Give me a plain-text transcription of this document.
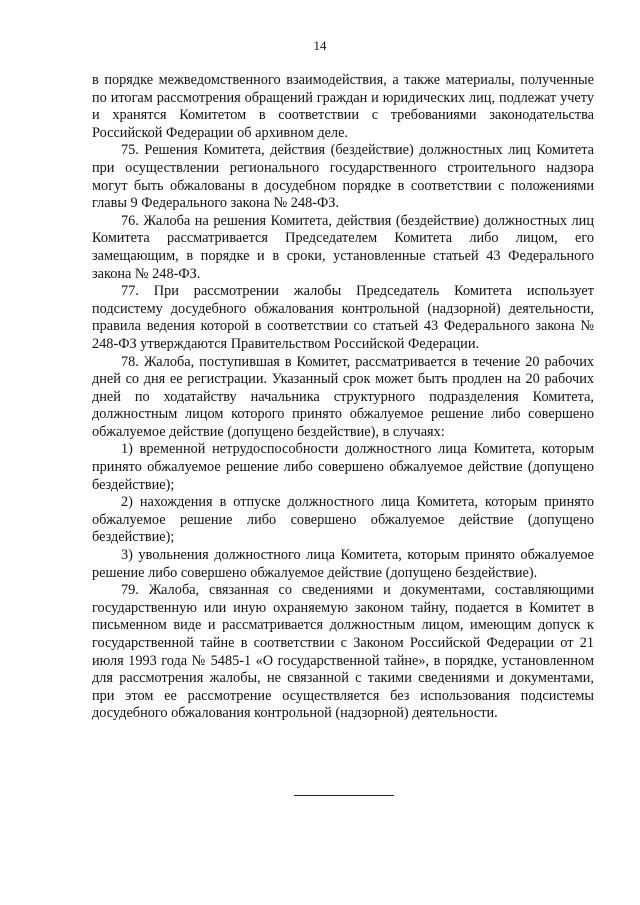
14

в порядке межведомственного взаимодействия, а также материалы, полученные по итогам рассмотрения обращений граждан и юридических лиц, подлежат учету и хранятся Комитетом в соответствии с требованиями законодательства Российской Федерации об архивном деле.

75. Решения Комитета, действия (бездействие) должностных лиц Комитета при осуществлении регионального государственного строительного надзора могут быть обжалованы в досудебном порядке в соответствии с положениями главы 9 Федерального закона № 248-ФЗ.

76. Жалоба на решения Комитета, действия (бездействие) должностных лиц Комитета рассматривается Председателем Комитета либо лицом, его замещающим, в порядке и в сроки, установленные статьей 43 Федерального закона № 248-ФЗ.

77. При рассмотрении жалобы Председатель Комитета использует подсистему досудебного обжалования контрольной (надзорной) деятельности, правила ведения которой в соответствии со статьей 43 Федерального закона № 248-ФЗ утверждаются Правительством Российской Федерации.

78. Жалоба, поступившая в Комитет, рассматривается в течение 20 рабочих дней со дня ее регистрации. Указанный срок может быть продлен на 20 рабочих дней по ходатайству начальника структурного подразделения Комитета, должностным лицом которого принято обжалуемое решение либо совершено обжалуемое действие (допущено бездействие), в случаях:

1) временной нетрудоспособности должностного лица Комитета, которым принято обжалуемое решение либо совершено обжалуемое действие (допущено бездействие);

2) нахождения в отпуске должностного лица Комитета, которым принято обжалуемое решение либо совершено обжалуемое действие (допущено бездействие);

3) увольнения должностного лица Комитета, которым принято обжалуемое решение либо совершено обжалуемое действие (допущено бездействие).

79. Жалоба, связанная со сведениями и документами, составляющими государственную или иную охраняемую законом тайну, подается в Комитет в письменном виде и рассматривается должностным лицом, имеющим допуск к государственной тайне в соответствии с Законом Российской Федерации от 21 июля 1993 года № 5485-1 «О государственной тайне», в порядке, установленном для рассмотрения жалобы, не связанной с такими сведениями и документами, при этом ее рассмотрение осуществляется без использования подсистемы досудебного обжалования контрольной (надзорной) деятельности.
